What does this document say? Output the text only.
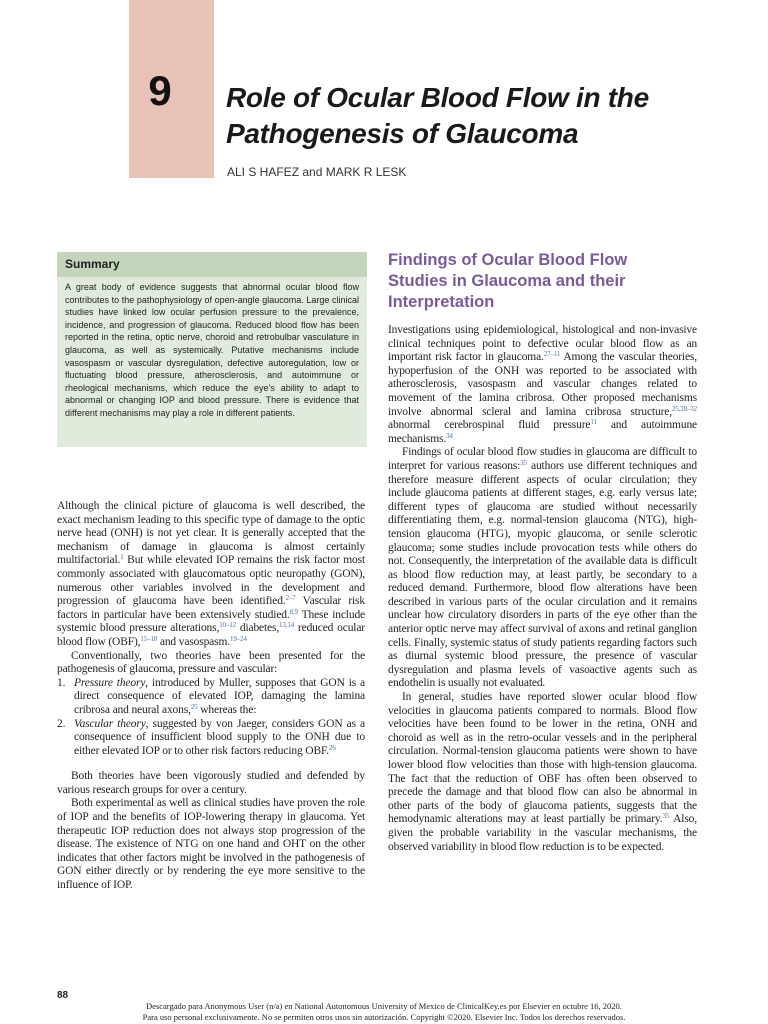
9 Role of Ocular Blood Flow in the Pathogenesis of Glaucoma

ALI S HAFEZ and MARK R LESK

Summary

A great body of evidence suggests that abnormal ocular blood flow contributes to the pathophysiology of open-angle glaucoma. Large clinical studies have linked low ocular perfusion pressure to the prevalence, incidence, and progression of glaucoma. Reduced blood flow has been reported in the retina, optic nerve, choroid and retrobulbar vasculature in glaucoma, as well as systemically. Putative mechanisms include vasospasm or vascular dysregulation, defective autoregulation, low or fluctuating blood pressure, atherosclerosis, and autoimmune or rheological mechanisms, which reduce the eye’s ability to adapt to abnormal or changing IOP and blood pressure. There is evidence that different mechanisms may play a role in different patients.

Although the clinical picture of glaucoma is well described, the exact mechanism leading to this specific type of damage to the optic nerve head (ONH) is not yet clear. It is generally accepted that the mechanism of damage in glaucoma is almost certainly multifactorial.$^1$ But while elevated IOP remains the risk factor most commonly associated with glaucomatous optic neuropathy (GON), numerous other variables involved in the development and progression of glaucoma have been identified.$^{2-7}$ Vascular risk factors in particular have been extensively studied.$^{8,9}$ These include systemic blood pressure alterations,$^{10-12}$ diabetes,$^{13,14}$ reduced ocular blood flow (OBF),$^{15-18}$ and vasospasm.$^{19-24}$

Conventionally, two theories have been presented for the pathogenesis of glaucoma, pressure and vascular:

1. Pressure theory, introduced by Muller, supposes that GON is a direct consequence of elevated IOP, damaging the lamina cribrosa and neural axons,$^{25}$ whereas the:
2. Vascular theory, suggested by von Jaeger, considers GON as a consequence of insufficient blood supply to the ONH due to either elevated IOP or to other risk factors reducing OBF.$^{26}$

Both theories have been vigorously studied and defended by various research groups for over a century.

Both experimental as well as clinical studies have proven the role of IOP and the benefits of IOP-lowering therapy in glaucoma. Yet therapeutic IOP reduction does not always stop progression of the disease. The existence of NTG on one hand and OHT on the other indicates that other factors might be involved in the pathogenesis of GON either directly or by rendering the eye more sensitive to the influence of IOP.

Findings of Ocular Blood Flow Studies in Glaucoma and their Interpretation

Investigations using epidemiological, histological and non-invasive clinical techniques point to defective ocular blood flow as an important risk factor in glaucoma.$^{27-11}$ Among the vascular theories, hypoperfusion of the ONH was reported to be associated with atherosclerosis, vasospasm and vascular changes related to movement of the lamina cribrosa. Other proposed mechanisms involve abnormal scleral and lamina cribrosa structure,$^{25,28-32}$ abnormal cerebrospinal fluid pressure$^{11}$ and autoimmune mechanisms.$^{34}$

Findings of ocular blood flow studies in glaucoma are difficult to interpret for various reasons:$^{35}$ authors use different techniques and therefore measure different aspects of ocular circulation; they include glaucoma patients at different stages, e.g. early versus late; different types of glaucoma are studied without necessarily differentiating them, e.g. normal-tension glaucoma (NTG), high-tension glaucoma (HTG), myopic glaucoma, or senile sclerotic glaucoma; some studies include provocation tests while others do not. Consequently, the interpretation of the available data is difficult as blood flow reduction may, at least partly, be secondary to a reduced demand. Furthermore, blood flow alterations have been described in various parts of the ocular circulation and it remains unclear how circulatory disorders in parts of the eye other than the anterior optic nerve may affect survival of axons and retinal ganglion cells. Finally, systemic status of study patients regarding factors such as diurnal systemic blood pressure, the presence of vascular dysregulation and plasma levels of vasoactive agents such as endothelin is usually not evaluated.

In general, studies have reported slower ocular blood flow velocities in glaucoma patients compared to normals. Blood flow velocities have been found to be lower in the retina, ONH and choroid as well as in the retro-ocular vessels and in the peripheral circulation. Normal-tension glaucoma patients were shown to have lower blood flow velocities than those with high-tension glaucoma. The fact that the reduction of OBF has often been observed to precede the damage and that blood flow can also be abnormal in other parts of the body of glaucoma patients, suggests that the hemodynamic alterations may at least partially be primary.$^{35}$ Also, given the probable variability in the vascular mechanisms, the observed variability in blood flow reduction is to be expected.

88
Descargado para Anonymous User (n/a) en National Autonomous University of Mexico de ClinicalKey.es por Elsevier en octubre 16, 2020.
Para uso personal exclusivamente. No se permiten otros usos sin autorización. Copyright ©2020. Elsevier Inc. Todos los derechos reservados.
